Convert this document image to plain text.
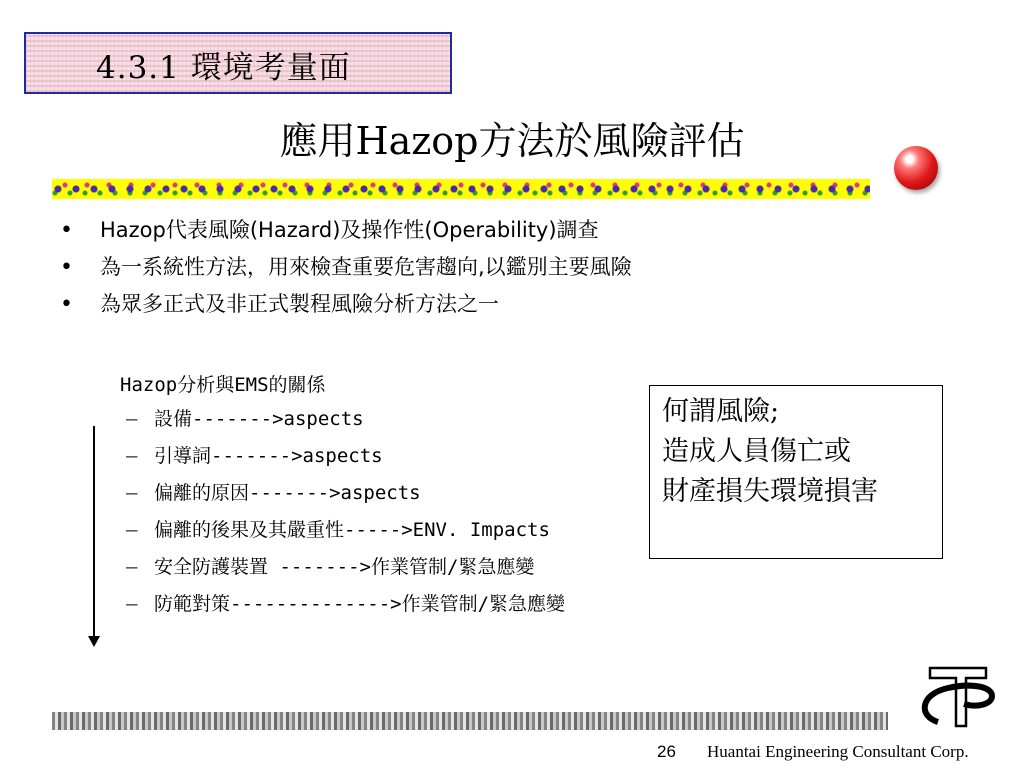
4.3.1 環境考量面
應用Hazop方法於風險評估
• Hazop代表風險(Hazard)及操作性(Operability)調查
• 為一系統性方法，用來檢查重要危害趨向,以鑑別主要風險
• 為眾多正式及非正式製程風險分析方法之一
Hazop分析與EMS的關係
– 設備------->aspects
– 引導詞------->aspects
– 偏離的原因------->aspects
– 偏離的後果及其嚴重性----->ENV. Impacts
– 安全防護裝置 ------->作業管制/緊急應變
– 防範對策-------------->作業管制/緊急應變
何謂風險;
造成人員傷亡或
財產損失環境損害
26 Huantai Engineering Consultant Corp.
